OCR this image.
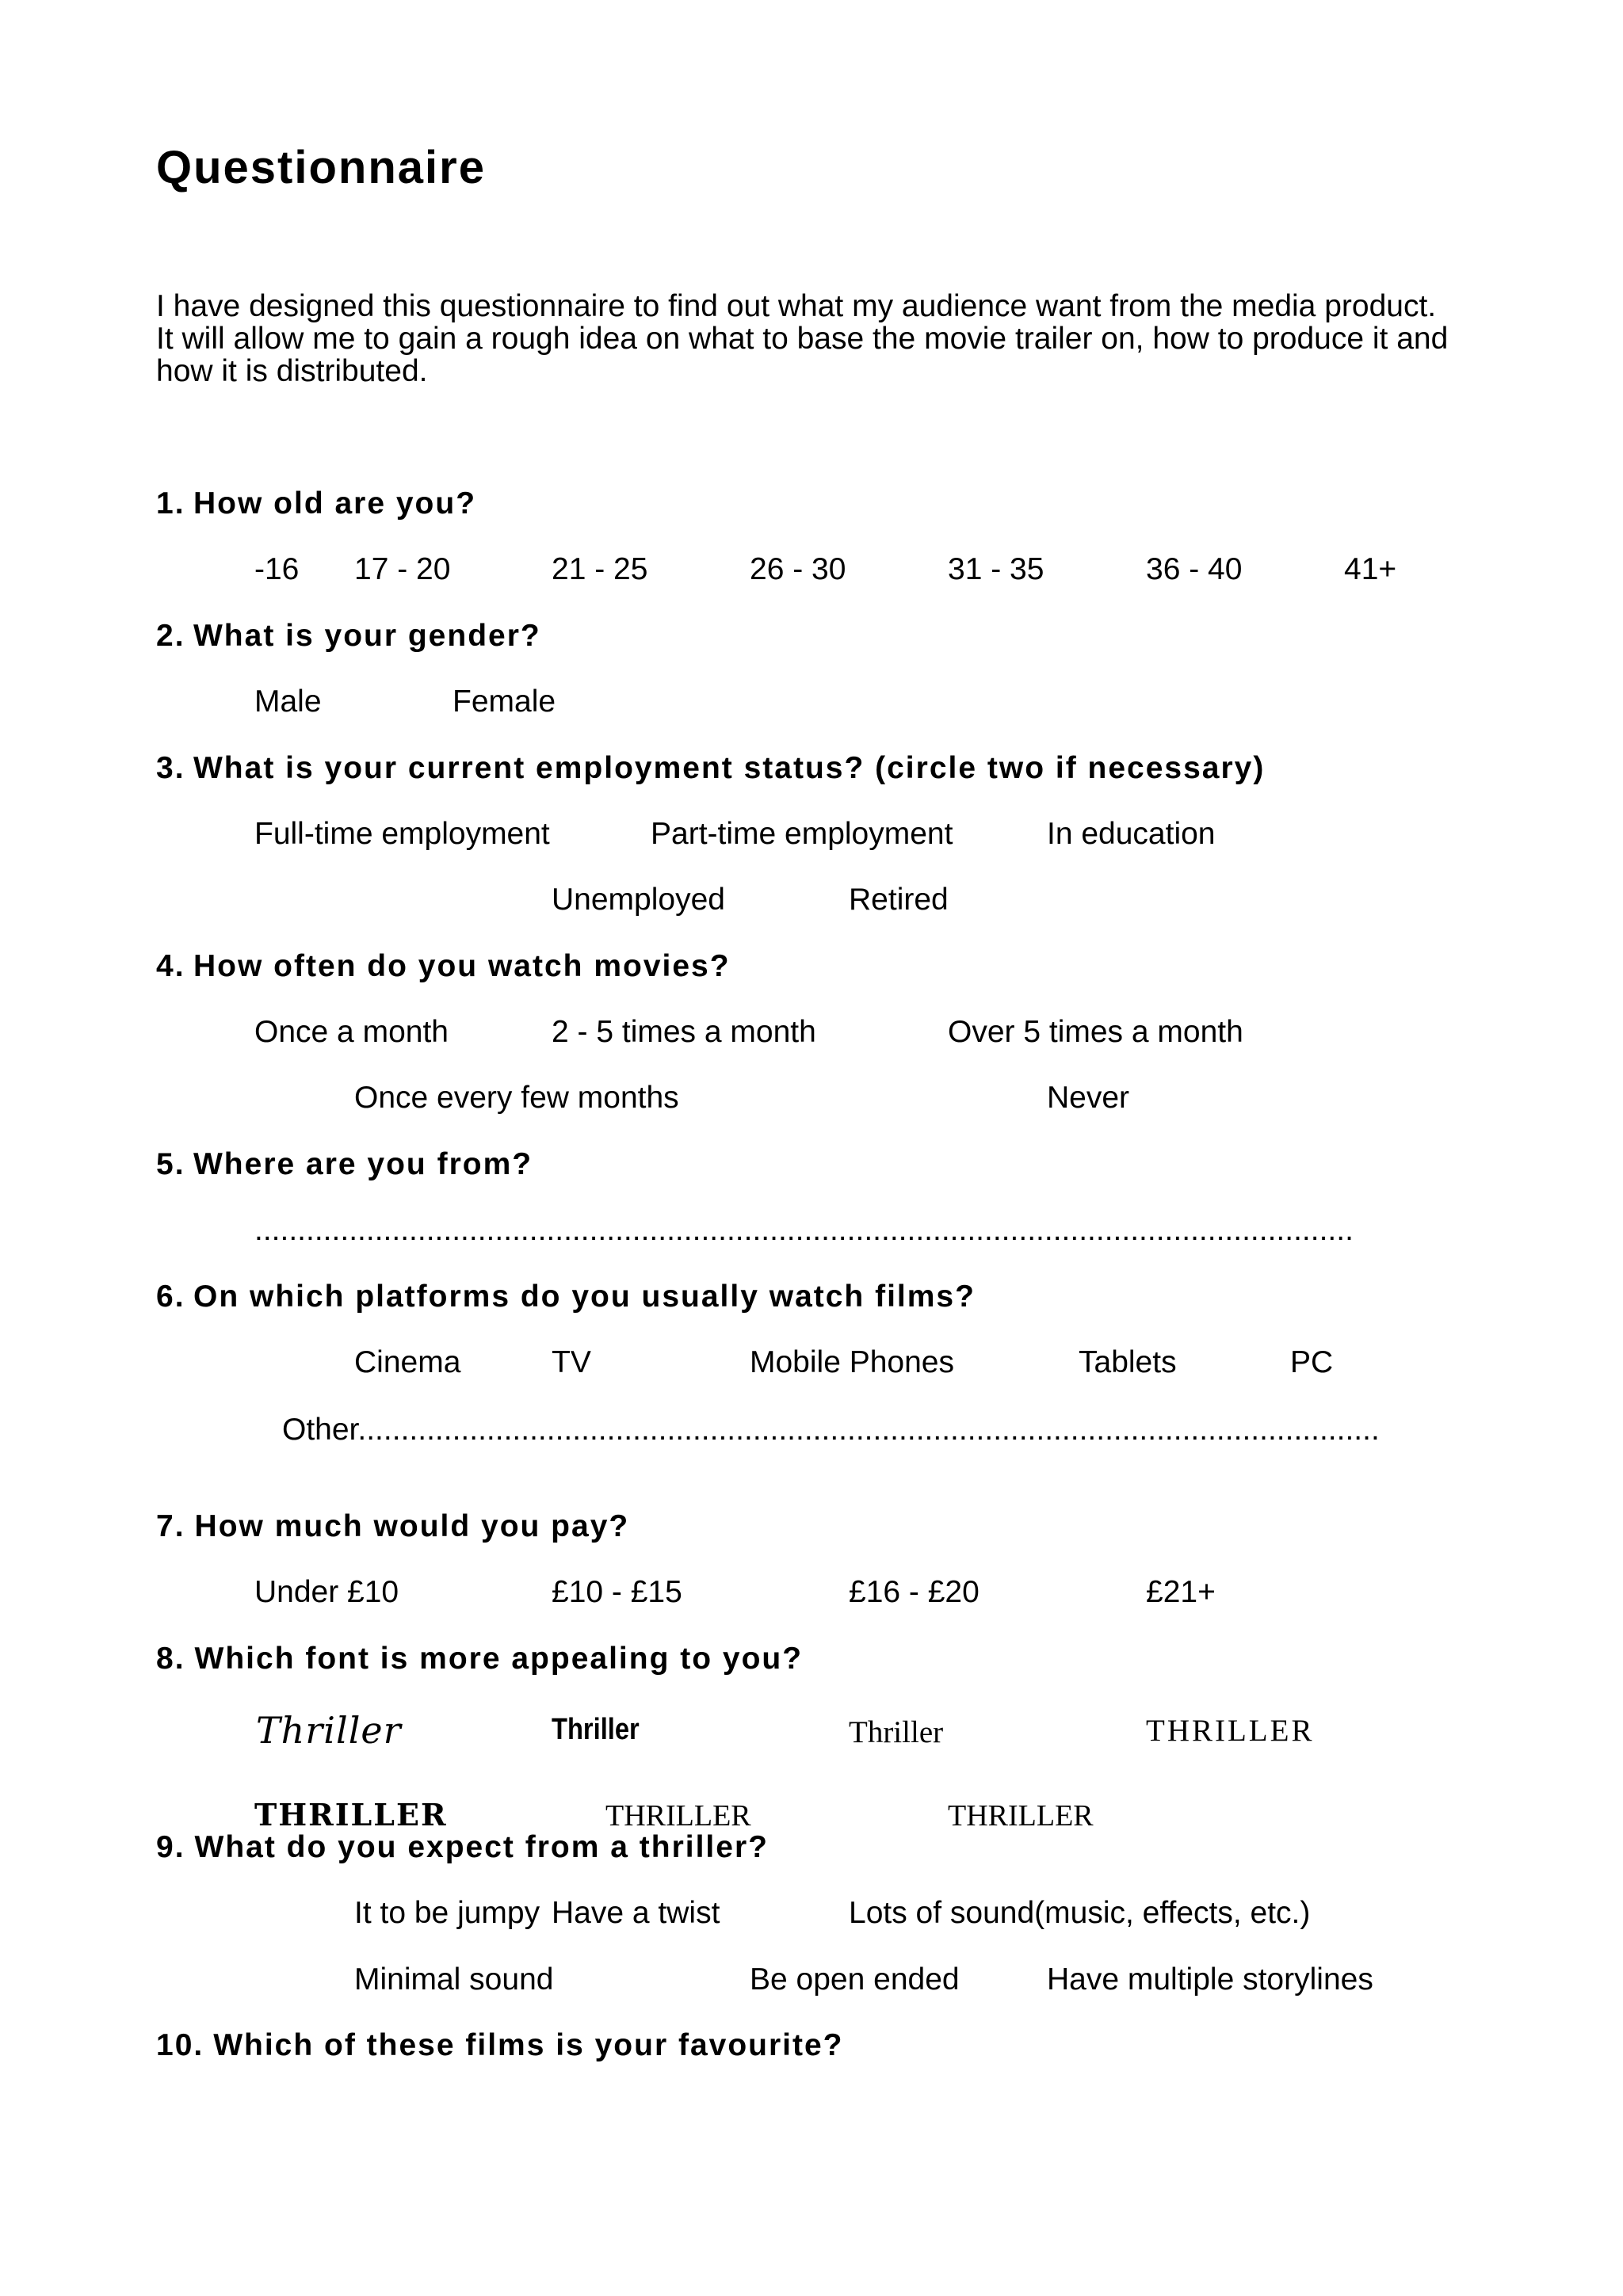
Questionnaire
I have designed this questionnaire to find out what my audience want from the media product. It will allow me to gain a rough idea on what to base the movie trailer on, how to produce it and how it is distributed.
1. How old are you?
-16 17 - 20	21 - 25	26 - 30	31 - 35	36 - 40	41+
2. What is your gender?
Male	Female
3. What is your current employment status? (circle two if necessary)
Full-time employment	Part-time employment	In education
Unemployed	Retired
4. How often do you watch movies?
Once a month	2 - 5 times a month	Over 5 times a month
Once every few months	Never
5. Where are you from?
................................................................................................................................
6. On which platforms do you usually watch films?
Cinema	TV	Mobile Phones	Tablets	PC
Other.......................................................................................................................
7. How much would you pay?
Under £10	£10 - £15	£16 - £20	£21+
8. Which font is more appealing to you?
Thriller	Thriller	Thriller	THRILLER
THRILLER	THRILLER	THRILLER
9. What do you expect from a thriller?
It to be jumpy Have a twist	Lots of sound(music, effects, etc.)
Minimal sound	Be open ended	Have multiple storylines
10. Which of these films is your favourite?
